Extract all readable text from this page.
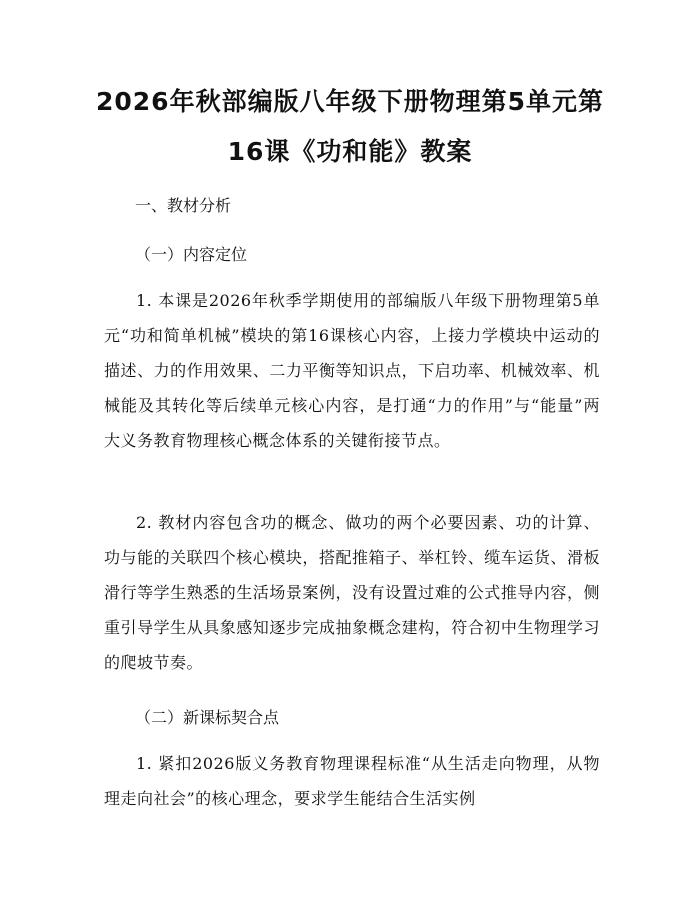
2026年秋部编版八年级下册物理第5单元第
16课《功和能》教案
一、教材分析
（一）内容定位
1. 本课是2026年秋季学期使用的部编版八年级下册物理第5单元“功和简单机械”模块的第16课核心内容，上接力学模块中运动的描述、力的作用效果、二力平衡等知识点，下启功率、机械效率、机械能及其转化等后续单元核心内容，是打通“力的作用”与“能量”两大义务教育物理核心概念体系的关键衔接节点。
2. 教材内容包含功的概念、做功的两个必要因素、功的计算、功与能的关联四个核心模块，搭配推箱子、举杠铃、缆车运货、滑板滑行等学生熟悉的生活场景案例，没有设置过难的公式推导内容，侧重引导学生从具象感知逐步完成抽象概念建构，符合初中生物理学习的爬坡节奏。
（二）新课标契合点
1. 紧扣2026版义务教育物理课程标准“从生活走向物理，从物理走向社会”的核心理念，要求学生能结合生活实例
